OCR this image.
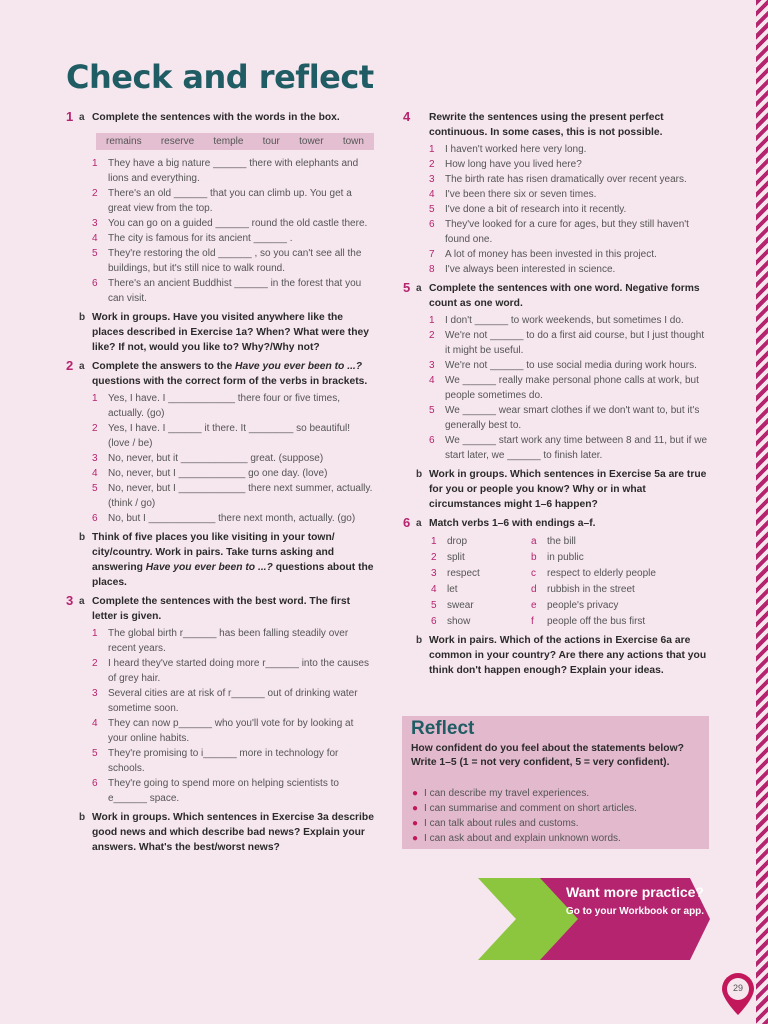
Check and reflect
1 a Complete the sentences with the words in the box.
remains reserve temple tour tower town
1 They have a big nature ______ there with elephants and lions and everything.
2 There's an old ______ that you can climb up. You get a great view from the top.
3 You can go on a guided ______ round the old castle there.
4 The city is famous for its ancient ______ .
5 They're restoring the old ______ , so you can't see all the buildings, but it's still nice to walk round.
6 There's an ancient Buddhist ______ in the forest that you can visit.
b Work in groups. Have you visited anywhere like the places described in Exercise 1a? When? What were they like? If not, would you like to? Why?/Why not?
2 a Complete the answers to the Have you ever been to ...? questions with the correct form of the verbs in brackets.
1 Yes, I have. I ____________ there four or five times, actually. (go)
2 Yes, I have. I ______ it there. It ________ so beautiful! (love / be)
3 No, never, but it ____________ great. (suppose)
4 No, never, but I ____________ go one day. (love)
5 No, never, but I ____________ there next summer, actually. (think / go)
6 No, but I ____________ there next month, actually. (go)
b Think of five places you like visiting in your town/ city/country. Work in pairs. Take turns asking and answering Have you ever been to ...? questions about the places.
3 a Complete the sentences with the best word. The first letter is given.
1 The global birth r______ has been falling steadily over recent years.
2 I heard they've started doing more r______ into the causes of grey hair.
3 Several cities are at risk of r______ out of drinking water sometime soon.
4 They can now p______ who you'll vote for by looking at your online habits.
5 They're promising to i______ more in technology for schools.
6 They're going to spend more on helping scientists to e______ space.
b Work in groups. Which sentences in Exercise 3a describe good news and which describe bad news? Explain your answers. What's the best/worst news?
4 Rewrite the sentences using the present perfect continuous. In some cases, this is not possible.
1 I haven't worked here very long.
2 How long have you lived here?
3 The birth rate has risen dramatically over recent years.
4 I've been there six or seven times.
5 I've done a bit of research into it recently.
6 They've looked for a cure for ages, but they still haven't found one.
7 A lot of money has been invested in this project.
8 I've always been interested in science.
5 a Complete the sentences with one word. Negative forms count as one word.
1 I don't ______ to work weekends, but sometimes I do.
2 We're not ______ to do a first aid course, but I just thought it might be useful.
3 We're not ______ to use social media during work hours.
4 We ______ really make personal phone calls at work, but people sometimes do.
5 We ______ wear smart clothes if we don't want to, but it's generally best to.
6 We ______ start work any time between 8 and 11, but if we start later, we ______ to finish later.
b Work in groups. Which sentences in Exercise 5a are true for you or people you know? Why or in what circumstances might 1–6 happen?
6 a Match verbs 1–6 with endings a–f.
1 drop	a the bill
2 split	b in public
3 respect	c respect to elderly people
4 let	d rubbish in the street
5 swear	e people's privacy
6 show	f people off the bus first
b Work in pairs. Which of the actions in Exercise 6a are common in your country? Are there any actions that you think don't happen enough? Explain your ideas.
Reflect
How confident do you feel about the statements below? Write 1–5 (1 = not very confident, 5 = very confident).
● I can describe my travel experiences.
● I can summarise and comment on short articles.
● I can talk about rules and customs.
● I can ask about and explain unknown words.
Want more practice?
Go to your Workbook or app.
29
